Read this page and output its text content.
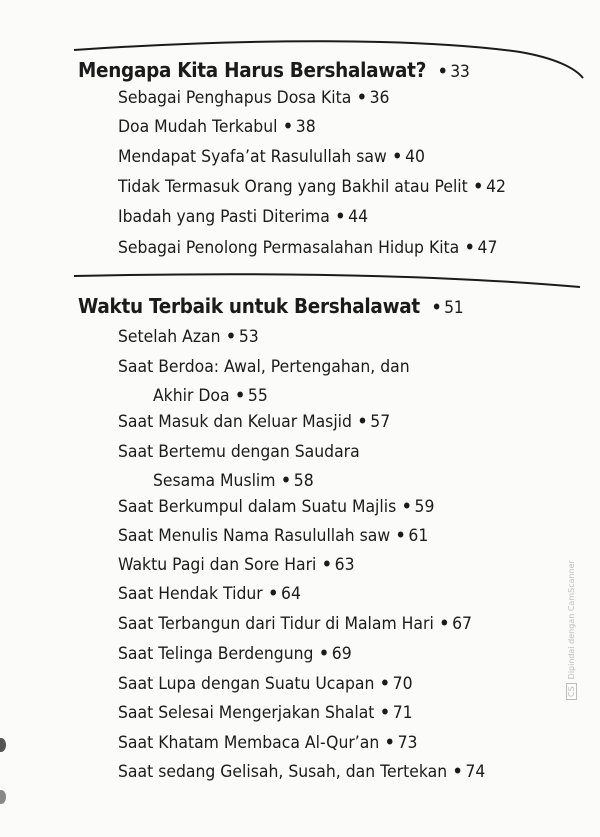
Mengapa Kita Harus Bershalawat? • 33
Sebagai Penghapus Dosa Kita • 36
Doa Mudah Terkabul • 38
Mendapat Syafa’at Rasulullah saw • 40
Tidak Termasuk Orang yang Bakhil atau Pelit • 42
Ibadah yang Pasti Diterima • 44
Sebagai Penolong Permasalahan Hidup Kita • 47
Waktu Terbaik untuk Bershalawat • 51
Setelah Azan • 53
Saat Berdoa: Awal, Pertengahan, dan
Akhir Doa • 55
Saat Masuk dan Keluar Masjid • 57
Saat Bertemu dengan Saudara
Sesama Muslim • 58
Saat Berkumpul dalam Suatu Majlis • 59
Saat Menulis Nama Rasulullah saw • 61
Waktu Pagi dan Sore Hari • 63
Saat Hendak Tidur • 64
Saat Terbangun dari Tidur di Malam Hari • 67
Saat Telinga Berdengung • 69
Saat Lupa dengan Suatu Ucapan • 70
Saat Selesai Mengerjakan Shalat • 71
Saat Khatam Membaca Al-Qur’an • 73
Saat sedang Gelisah, Susah, dan Tertekan • 74
CSDipindai dengan CamScanner
